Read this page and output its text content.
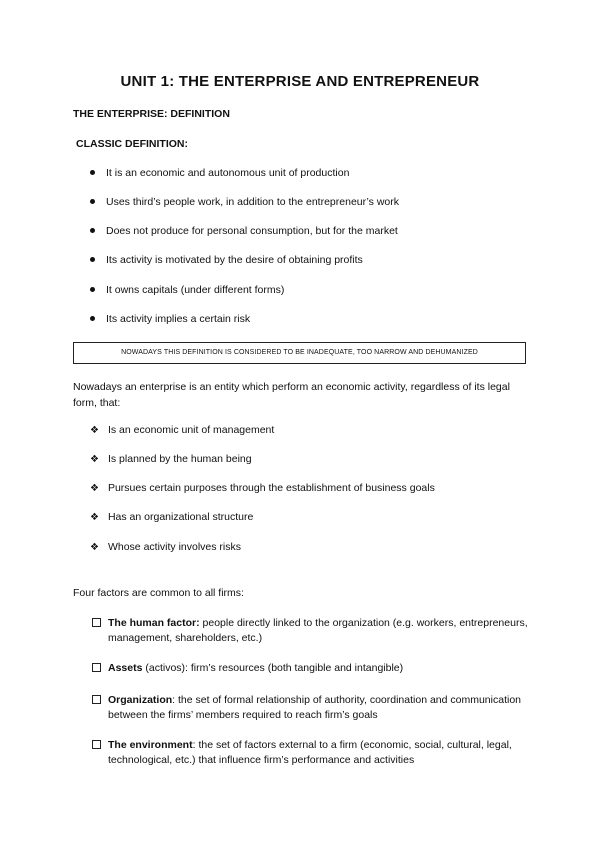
UNIT 1: THE ENTERPRISE AND ENTREPRENEUR
THE ENTERPRISE: DEFINITION
CLASSIC DEFINITION:
It is an economic and autonomous unit of production
Uses third’s people work, in addition to the entrepreneur’s work
Does not produce for personal consumption, but for the market
Its activity is motivated by the desire of obtaining profits
It owns capitals (under different forms)
Its activity implies a certain risk
NOWADAYS THIS DEFINITION IS CONSIDERED TO BE INADEQUATE, TOO NARROW AND DEHUMANIZED
Nowadays an enterprise is an entity which perform an economic activity, regardless of its legal form, that:
❖ Is an economic unit of management
❖ Is planned by the human being
❖ Pursues certain purposes through the establishment of business goals
❖ Has an organizational structure
❖ Whose activity involves risks
Four factors are common to all firms:
The human factor: people directly linked to the organization (e.g. workers, entrepreneurs, management, shareholders, etc.)
Assets (activos): firm’s resources (both tangible and intangible)
Organization: the set of formal relationship of authority, coordination and communication between the firms’ members required to reach firm’s goals
The environment: the set of factors external to a firm (economic, social, cultural, legal, technological, etc.) that influence firm’s performance and activities
